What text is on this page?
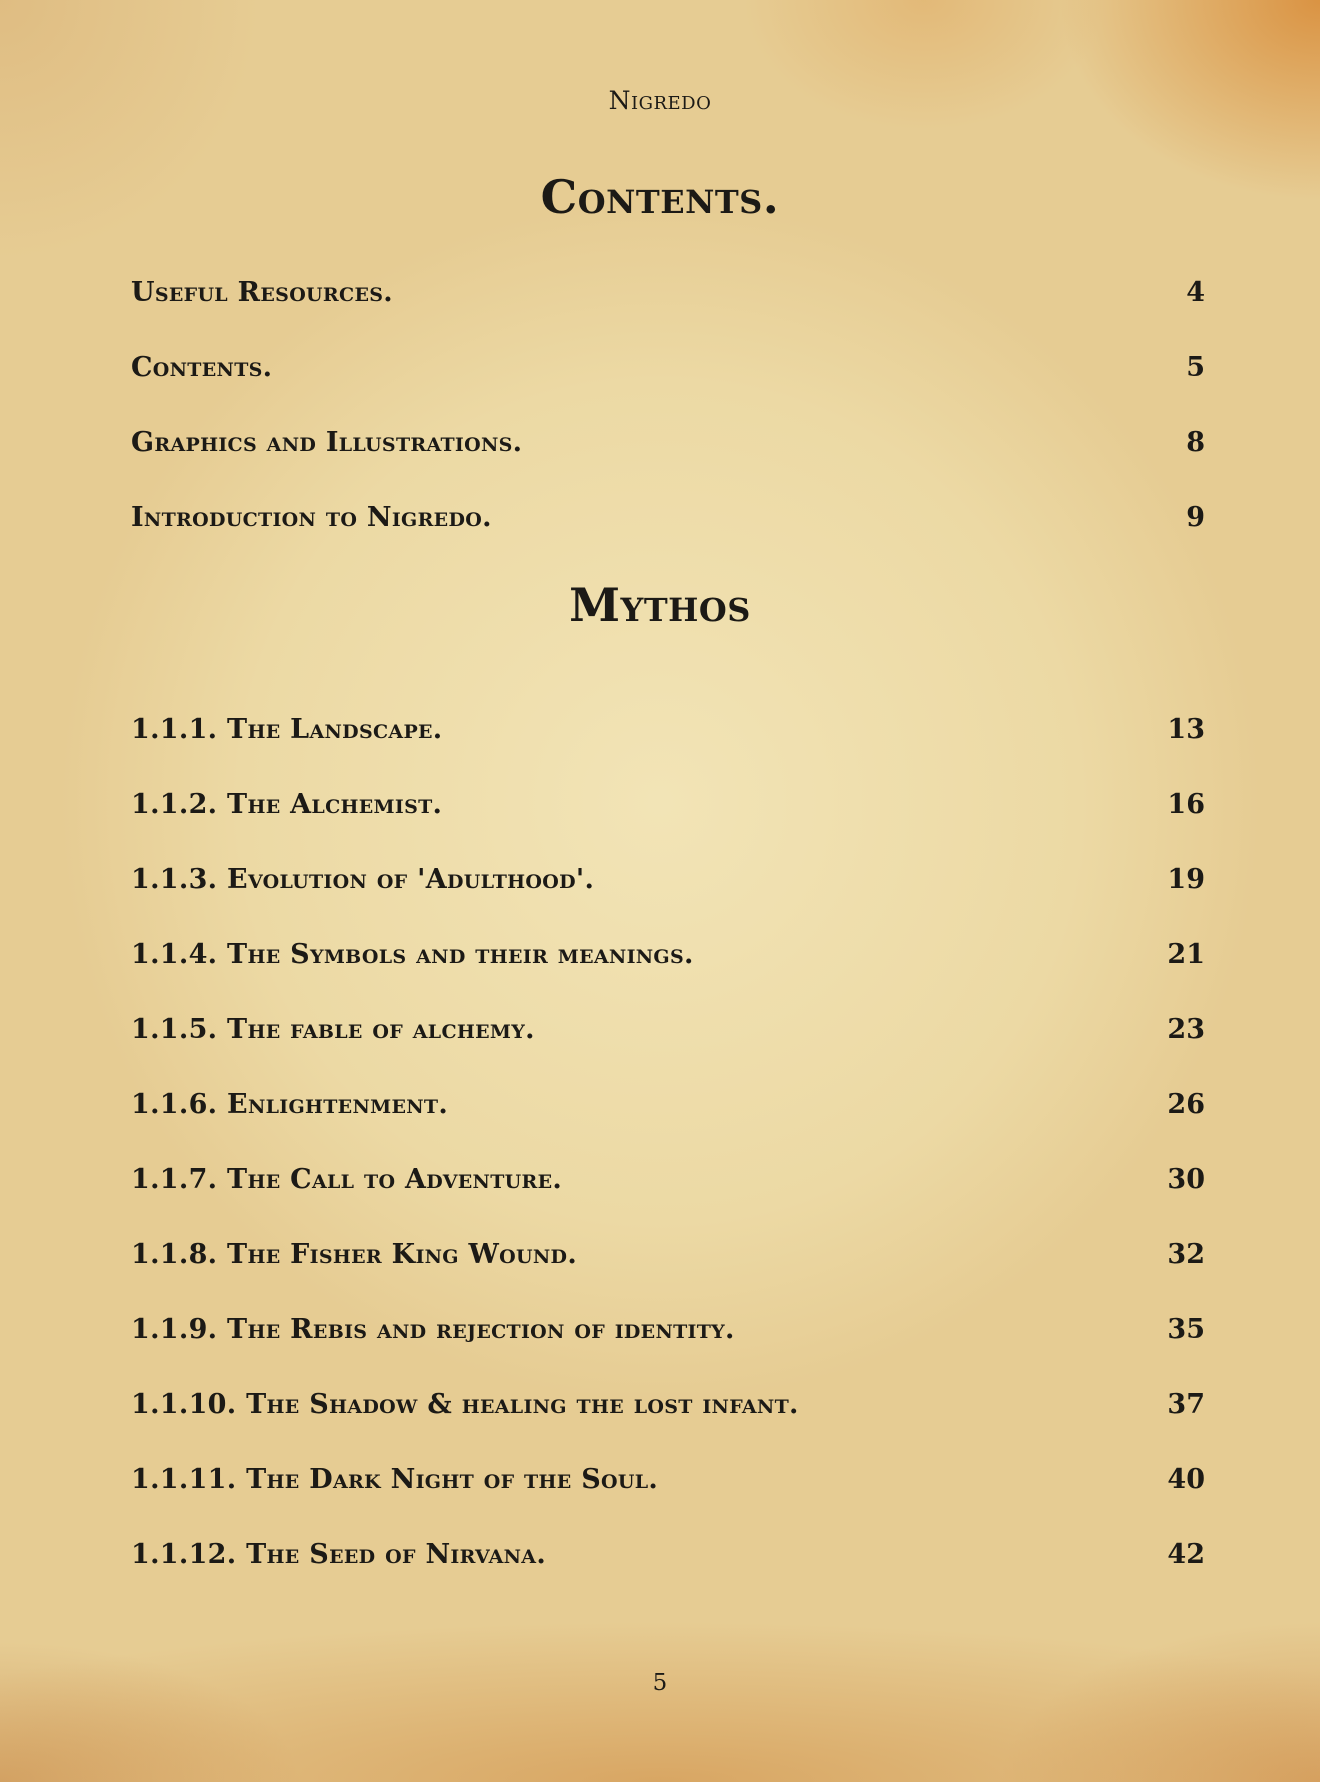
Nigredo
Contents.
Useful Resources.	4
Contents.	5
Graphics and Illustrations.	8
Introduction to Nigredo.	9
Mythos
1.1.1. The Landscape.	13
1.1.2. The Alchemist.	16
1.1.3. Evolution of 'Adulthood'.	19
1.1.4. The Symbols and their meanings.	21
1.1.5. The fable of alchemy.	23
1.1.6. Enlightenment.	26
1.1.7. The Call to Adventure.	30
1.1.8. The Fisher King Wound.	32
1.1.9. The Rebis and rejection of identity.	35
1.1.10. The Shadow & healing the lost infant.	37
1.1.11. The Dark Night of the Soul.	40
1.1.12. The Seed of Nirvana.	42
5
